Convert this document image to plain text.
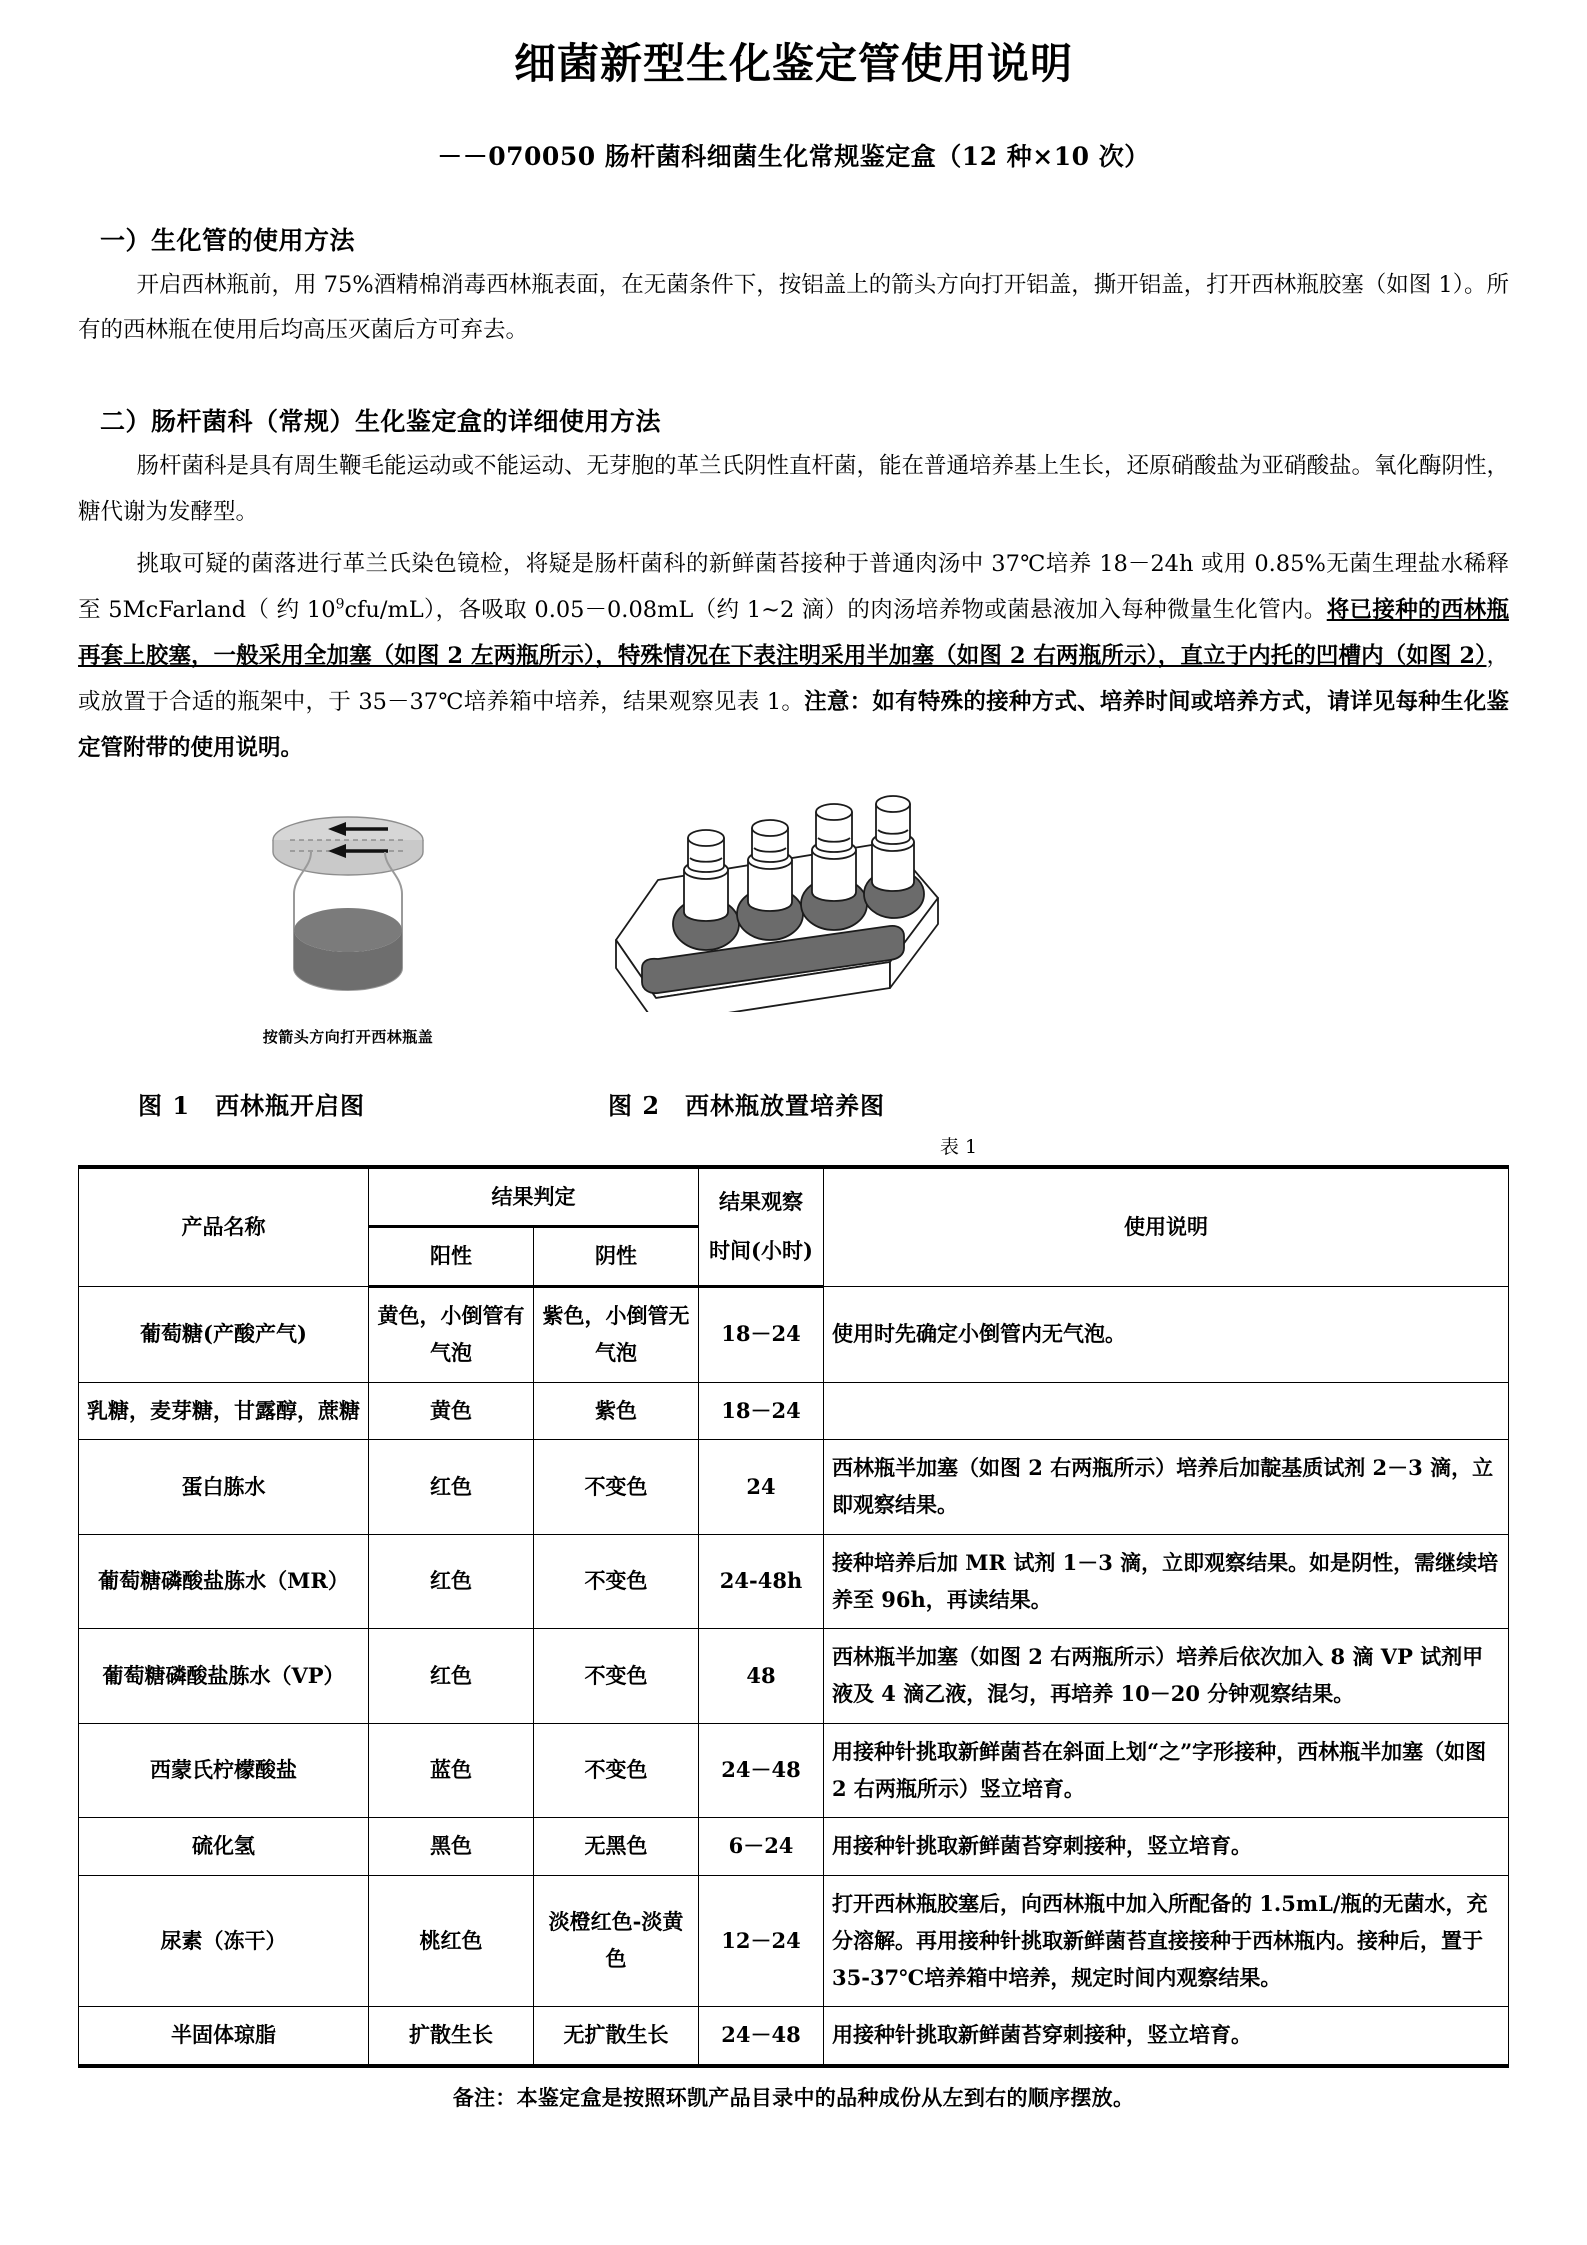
细菌新型生化鉴定管使用说明
－－070050 肠杆菌科细菌生化常规鉴定盒（12 种×10 次）
一）生化管的使用方法

开启西林瓶前，用 75%酒精棉消毒西林瓶表面，在无菌条件下，按铝盖上的箭头方向打开铝盖，撕开铝盖，打开西林瓶胶塞（如图 1）。所有的西林瓶在使用后均高压灭菌后方可弃去。

二）肠杆菌科（常规）生化鉴定盒的详细使用方法

肠杆菌科是具有周生鞭毛能运动或不能运动、无芽胞的革兰氏阴性直杆菌，能在普通培养基上生长，还原硝酸盐为亚硝酸盐。氧化酶阴性，糖代谢为发酵型。

挑取可疑的菌落进行革兰氏染色镜检，将疑是肠杆菌科的新鲜菌苔接种于普通肉汤中 37℃培养 18－24h 或用 0.85%无菌生理盐水稀释至 5McFarland（ 约 $10^9cfu/mL$），各吸取 0.05－0.08mL（约 1~2 滴）的肉汤培养物或菌悬液加入每种微量生化管内。将已接种的西林瓶再套上胶塞，一般采用全加塞（如图 2 左两瓶所示），特殊情况在下表注明采用半加塞（如图 2 右两瓶所示），直立于内托的凹槽内（如图 2），或放置于合适的瓶架中，于 35－37℃培养箱中培养，结果观察见表 1。注意：如有特殊的接种方式、培养时间或培养方式，请详见每种生化鉴定管附带的使用说明。

按箭头方向打开西林瓶盖
图 1　西林瓶开启图	图 2　西林瓶放置培养图
表 1
产品名称	结果判定		结果观察	使用说明
	阳性	阴性	时间(小时)	
葡萄糖(产酸产气)	黄色，小倒管有气泡	紫色，小倒管无气泡	18－24	使用时先确定小倒管内无气泡。
乳糖，麦芽糖，甘露醇，蔗糖	黄色	紫色	18－24	
蛋白胨水	红色	不变色	24	西林瓶半加塞（如图 2 右两瓶所示）培养后加靛基质试剂 2－3 滴，立即观察结果。
葡萄糖磷酸盐胨水（MR）	红色	不变色	24-48h	接种培养后加 MR 试剂 1－3 滴，立即观察结果。如是阴性，需继续培养至 96h，再读结果。
葡萄糖磷酸盐胨水（VP）	红色	不变色	48	西林瓶半加塞（如图 2 右两瓶所示）培养后依次加入 8 滴 VP 试剂甲液及 4 滴乙液，混匀，再培养 10－20 分钟观察结果。
西蒙氏柠檬酸盐	蓝色	不变色	24－48	用接种针挑取新鲜菌苔在斜面上划“之”字形接种，西林瓶半加塞（如图 2 右两瓶所示）竖立培育。
硫化氢	黑色	无黑色	6－24	用接种针挑取新鲜菌苔穿刺接种，竖立培育。
尿素（冻干）	桃红色	淡橙红色-淡黄色	12－24	打开西林瓶胶塞后，向西林瓶中加入所配备的 1.5mL/瓶的无菌水，充分溶解。再用接种针挑取新鲜菌苔直接接种于西林瓶内。接种后，置于 35-37℃培养箱中培养，规定时间内观察结果。
半固体琼脂	扩散生长	无扩散生长	24－48	用接种针挑取新鲜菌苔穿刺接种，竖立培育。
备注：本鉴定盒是按照环凯产品目录中的品种成份从左到右的顺序摆放。
